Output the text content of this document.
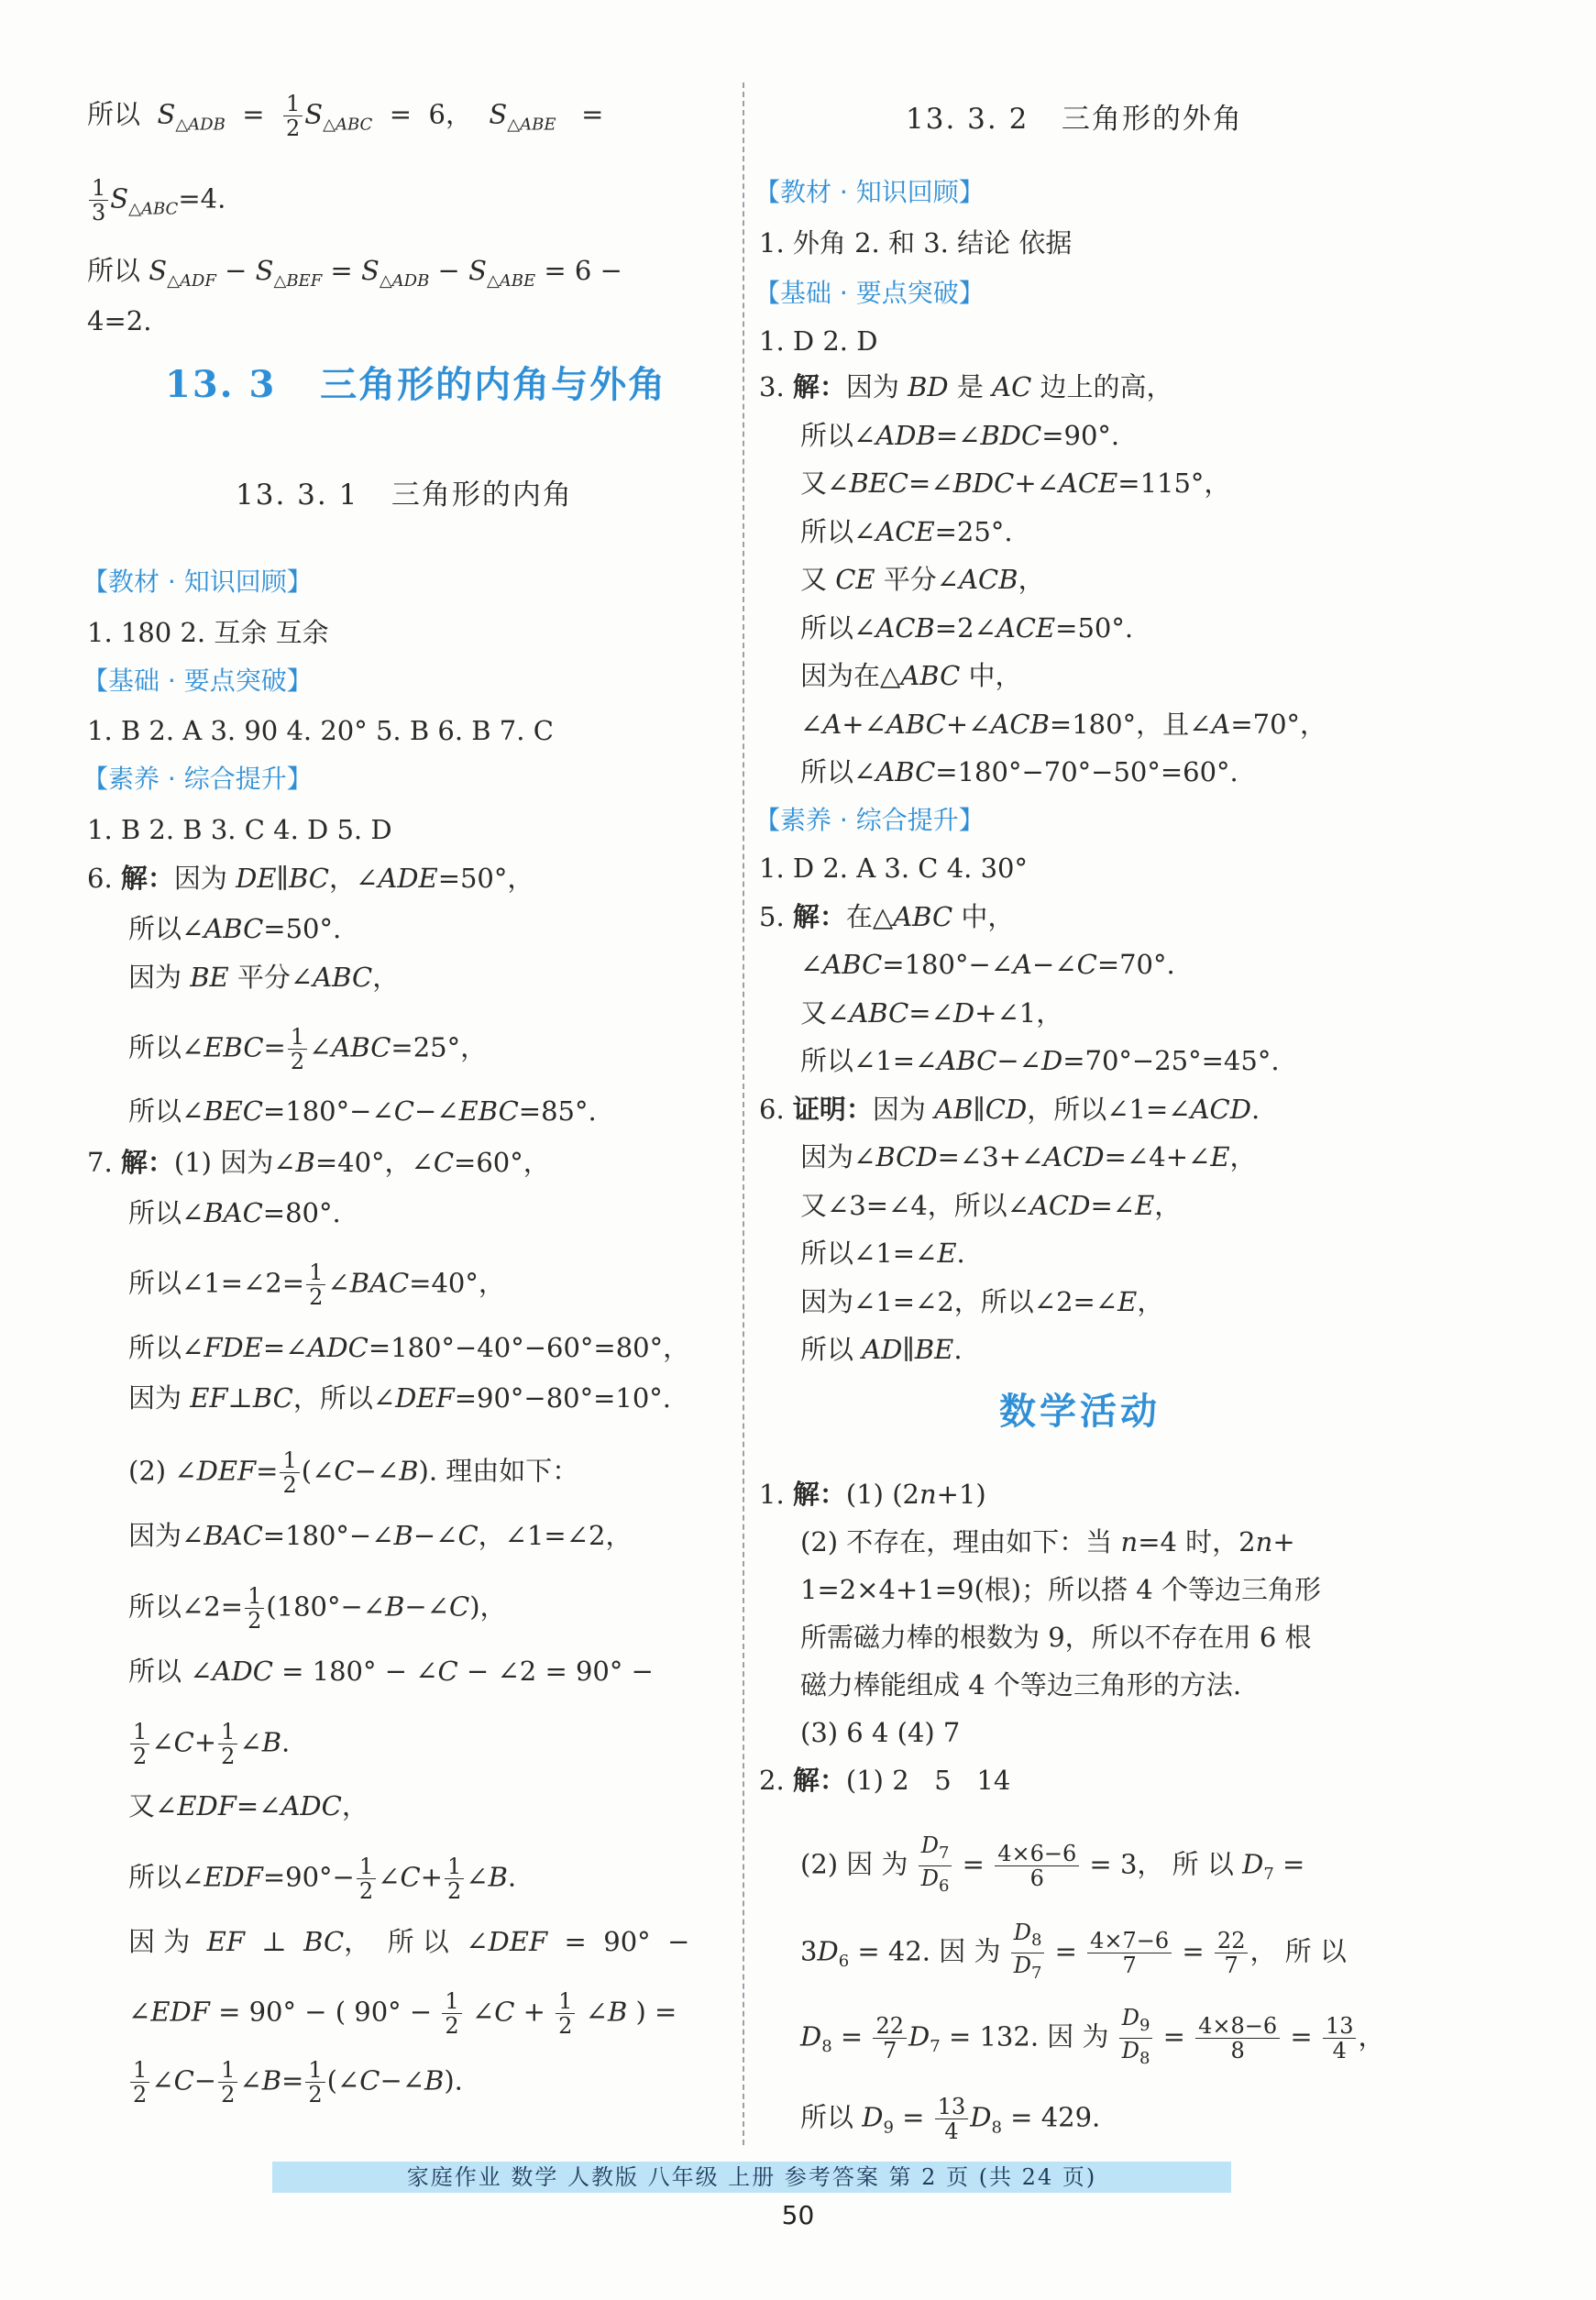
所以  $S_{\triangle ADB} = \frac{1}{2} S_{\triangle ABC} = 6$，  $S_{\triangle ABE}$   =
$\frac{1}{3} S_{\triangle ABC}=4$.
所以 $S_{\triangle ADF} - S_{\triangle BEF} = S_{\triangle ADB} - S_{\triangle ABE} = 6$ −
4=2.
13. 3 三角形的内角与外角
13. 3. 1 三角形的内角
【教材 · 知识回顾】
1. 180 2. 互余 互余
【基础 · 要点突破】
1. B 2. A 3. 90 4. 20° 5. B 6. B 7. C
【素养 · 综合提升】
1. B 2. B 3. C 4. D 5. D
6. 解：因为 DE∥BC，∠ADE=50°，
所以∠ABC=50°.
因为 BE 平分∠ABC，
所以∠EBC= $\frac{1}{2}$ ∠ABC=25°，
所以∠BEC=180°−∠C−∠EBC=85°.
7. 解：(1) 因为∠B=40°，∠C=60°，
所以∠BAC=80°.
所以∠1=∠2= $\frac{1}{2}$ ∠BAC=40°，
所以∠FDE=∠ADC=180°−40°−60°=80°，
因为 EF⊥BC，所以∠DEF=90°−80°=10°.
(2) ∠DEF= $\frac{1}{2}$ (∠C−∠B). 理由如下：
因为∠BAC=180°−∠B−∠C，∠1=∠2，
所以∠2= $\frac{1}{2}$ (180°−∠B−∠C)，
所以 ∠ADC = 180° − ∠C − ∠2 = 90° −
$\frac{1}{2}$ ∠C+ $\frac{1}{2}$ ∠B.
又∠EDF=∠ADC，
所以∠EDF=90°− $\frac{1}{2}$ ∠C+ $\frac{1}{2}$ ∠B.
因 为  EF  ⊥  BC，  所 以  ∠DEF  =  90°  −
∠EDF = 90° − ( $90^\circ - \frac{1}{2}$ ∠C + $\frac{1}{2}$ ∠B ) =
$\frac{1}{2}$ ∠C− $\frac{1}{2}$ ∠B= $\frac{1}{2}$ (∠C−∠B).
13. 3. 2 三角形的外角
【教材 · 知识回顾】
1. 外角 2. 和 3. 结论 依据
【基础 · 要点突破】
1. D 2. D
3. 解：因为 BD 是 AC 边上的高，
所以∠ADB=∠BDC=90°.
又∠BEC=∠BDC+∠ACE=115°，
所以∠ACE=25°.
又 CE 平分∠ACB，
所以∠ACB=2∠ACE=50°.
因为在△ABC 中，
∠A+∠ABC+∠ACB=180°，且∠A=70°，
所以∠ABC=180°−70°−50°=60°.
【素养 · 综合提升】
1. D 2. A 3. C 4. 30°
5. 解：在△ABC 中，
∠ABC=180°−∠A−∠C=70°.
又∠ABC=∠D+∠1，
所以∠1=∠ABC−∠D=70°−25°=45°.
6. 证明：因为 AB∥CD，所以∠1=∠ACD.
因为∠BCD=∠3+∠ACD=∠4+∠E，
又∠3=∠4，所以∠ACD=∠E，
所以∠1=∠E.
因为∠1=∠2，所以∠2=∠E，
所以 AD∥BE.
数学活动
1. 解：(1) (2n+1)
(2) 不存在，理由如下：当 n=4 时，2n+
1=2×4+1=9(根)；所以搭 4 个等边三角形
所需磁力棒的根数为 9，所以不存在用 6 根
磁力棒能组成 4 个等边三角形的方法.
(3) 6 4 (4) 7
2. 解：(1) 2   5   14
(2) 因 为 $\frac{D_7}{D_6} = \frac{4\times 6-6}{6} = 3$， 所 以 $D_7$ =
$3D_6 = 42$. 因 为 $\frac{D_8}{D_7} = \frac{4\times 7-6}{7} = \frac{22}{7}$ ， 所 以
$D_8 = \frac{22}{7} D_7 = 132$. 因 为 $\frac{D_9}{D_8} = \frac{4\times 8-6}{8} = \frac{13}{4}$ ，
所以 $D_9 = \frac{13}{4} D_8 = 429$.
家庭作业 数学 人教版 八年级 上册 参考答案 第 2 页 (共 24 页)
50
